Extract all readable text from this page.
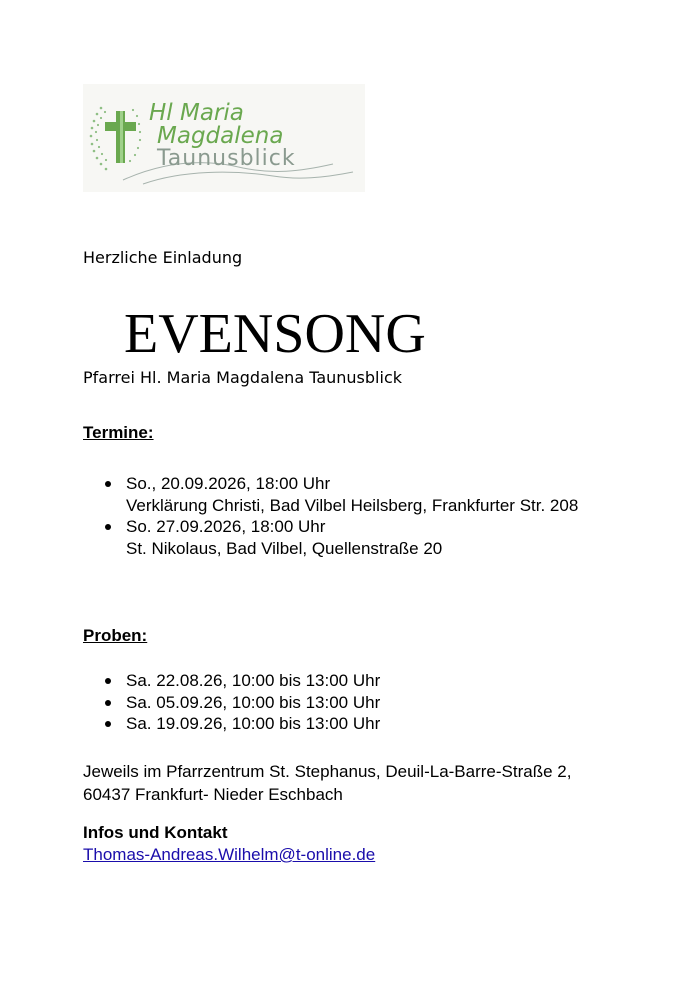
Hl Maria
Magdalena
Taunusblick
Herzliche Einladung
EVENSONG
Pfarrei Hl. Maria Magdalena Taunusblick
Termine:
So., 20.09.2026, 18:00 Uhr
Verklärung Christi, Bad Vilbel Heilsberg, Frankfurter Str. 208
So. 27.09.2026, 18:00 Uhr
St. Nikolaus, Bad Vilbel, Quellenstraße 20
Proben:
Sa. 22.08.26, 10:00 bis 13:00 Uhr
Sa. 05.09.26, 10:00 bis 13:00 Uhr
Sa. 19.09.26, 10:00 bis 13:00 Uhr
Jeweils im Pfarrzentrum St. Stephanus, Deuil-La-Barre-Straße 2, 60437 Frankfurt- Nieder Eschbach
Infos und Kontakt
Thomas-Andreas.Wilhelm@t-online.de
